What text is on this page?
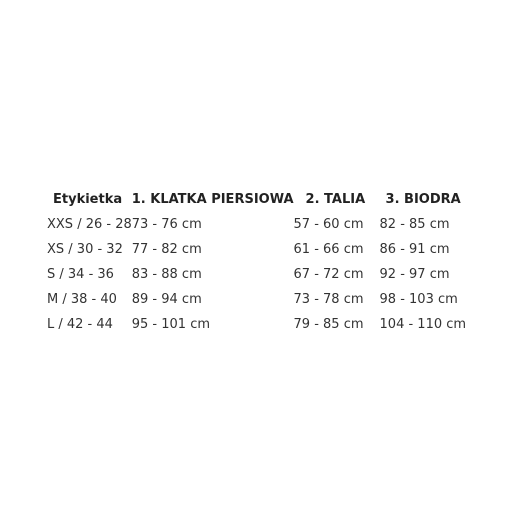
Etykietka	1. KLATKA PIERSIOWA	2. TALIA	3. BIODRA
XXS / 26 - 28	73 - 76 cm	57 - 60 cm	82 - 85 cm
XS / 30 - 32	77 - 82 cm	61 - 66 cm	86 - 91 cm
S / 34 - 36	83 - 88 cm	67 - 72 cm	92 - 97 cm
M / 38 - 40	89 - 94 cm	73 - 78 cm	98 - 103 cm
L / 42 - 44	95 - 101 cm	79 - 85 cm	104 - 110 cm
